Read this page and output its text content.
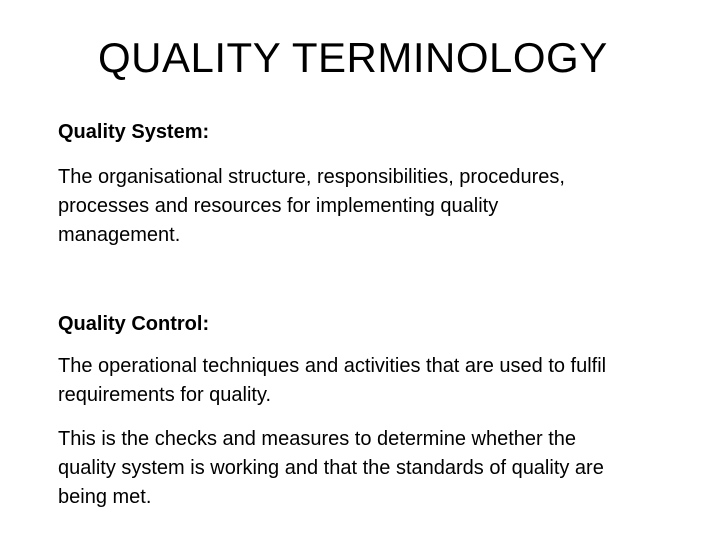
QUALITY TERMINOLOGY
Quality System:
The organisational structure, responsibilities, procedures,
processes and resources for implementing quality
management.
Quality Control:
The operational techniques and activities that are used to fulfil
requirements for quality.
This is the checks and measures to determine whether the
quality system is working and that the standards of quality are
being met.
